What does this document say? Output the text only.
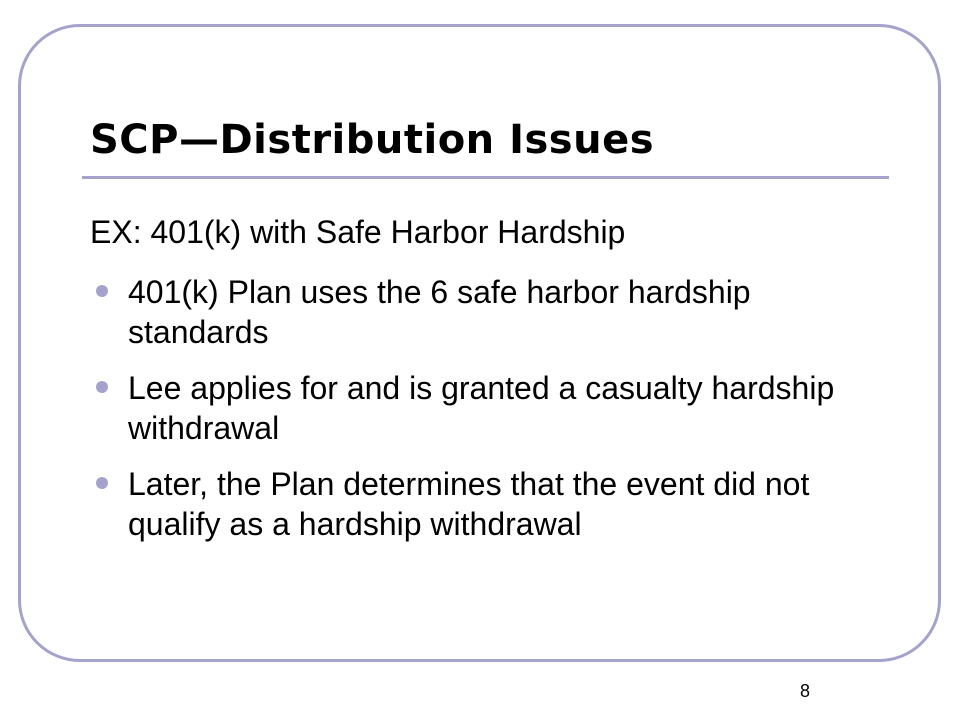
SCP—Distribution Issues
EX: 401(k) with Safe Harbor Hardship
401(k) Plan uses the 6 safe harbor hardship standards
Lee applies for and is granted a casualty hardship withdrawal
Later, the Plan determines that the event did not qualify as a hardship withdrawal
8
